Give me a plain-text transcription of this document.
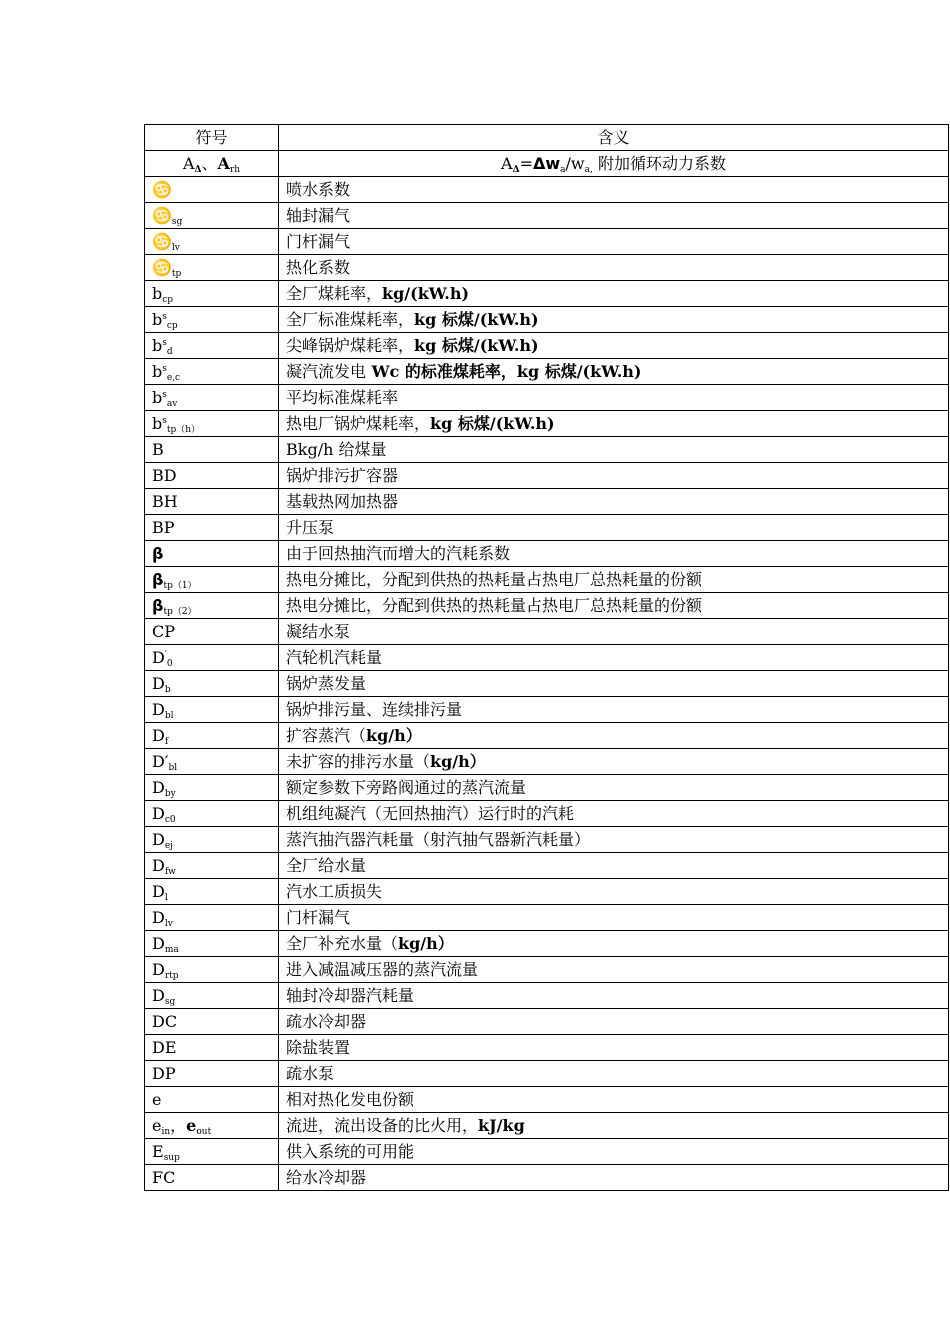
符号	含义
$A_\Delta$、$A_{rh}$	$A_\Delta=\Delta w_a/w_{a,}$ 附加循环动力系数
♋	喷水系数
$♋_{sg}$	轴封漏气
$♋_{lv}$	门杆漏气
$♋_{tp}$	热化系数
$b_{cp}$	全厂煤耗率，kg/(kW.h)
$b^s_{cp}$	全厂标准煤耗率，kg 标煤/(kW.h)
$b^s_d$	尖峰锅炉煤耗率，kg 标煤/(kW.h)
$b^s_{e,c}$	凝汽流发电 Wc 的标准煤耗率，kg 标煤/(kW.h)
$b^s_{av}$	平均标准煤耗率
$b^s_{tp(h)}$	热电厂锅炉煤耗率，kg 标煤/(kW.h)
B	Bkg/h 给煤量
BD	锅炉排污扩容器
BH	基载热网加热器
BP	升压泵
β	由于回热抽汽而增大的汽耗系数
$\beta_{tp(1)}$	热电分摊比，分配到供热的热耗量占热电厂总热耗量的份额
$\beta_{tp(2)}$	热电分摊比，分配到供热的热耗量占热电厂总热耗量的份额
CP	凝结水泵
$D'_0$	汽轮机汽耗量
$D_b$	锅炉蒸发量
$D_{bl}$	锅炉排污量、连续排污量
$D_f$	扩容蒸汽（kg/h）
$D'_{bl}$	未扩容的排污水量（kg/h）
$D_{by}$	额定参数下旁路阀通过的蒸汽流量
$D_{c0}$	机组纯凝汽（无回热抽汽）运行时的汽耗
$D_{ej}$	蒸汽抽汽器汽耗量（射汽抽气器新汽耗量）
$D_{fw}$	全厂给水量
$D_l$	汽水工质损失
$D_{lv}$	门杆漏气
$D_{ma}$	全厂补充水量（kg/h）
$D_{rtp}$	进入减温减压器的蒸汽流量
$D_{sg}$	轴封冷却器汽耗量
DC	疏水冷却器
DE	除盐装置
DP	疏水泵
e	相对热化发电份额
$e_{in}$，$e_{out}$	流进，流出设备的比火用，kJ/kg
$E_{sup}$	供入系统的可用能
FC	给水冷却器
